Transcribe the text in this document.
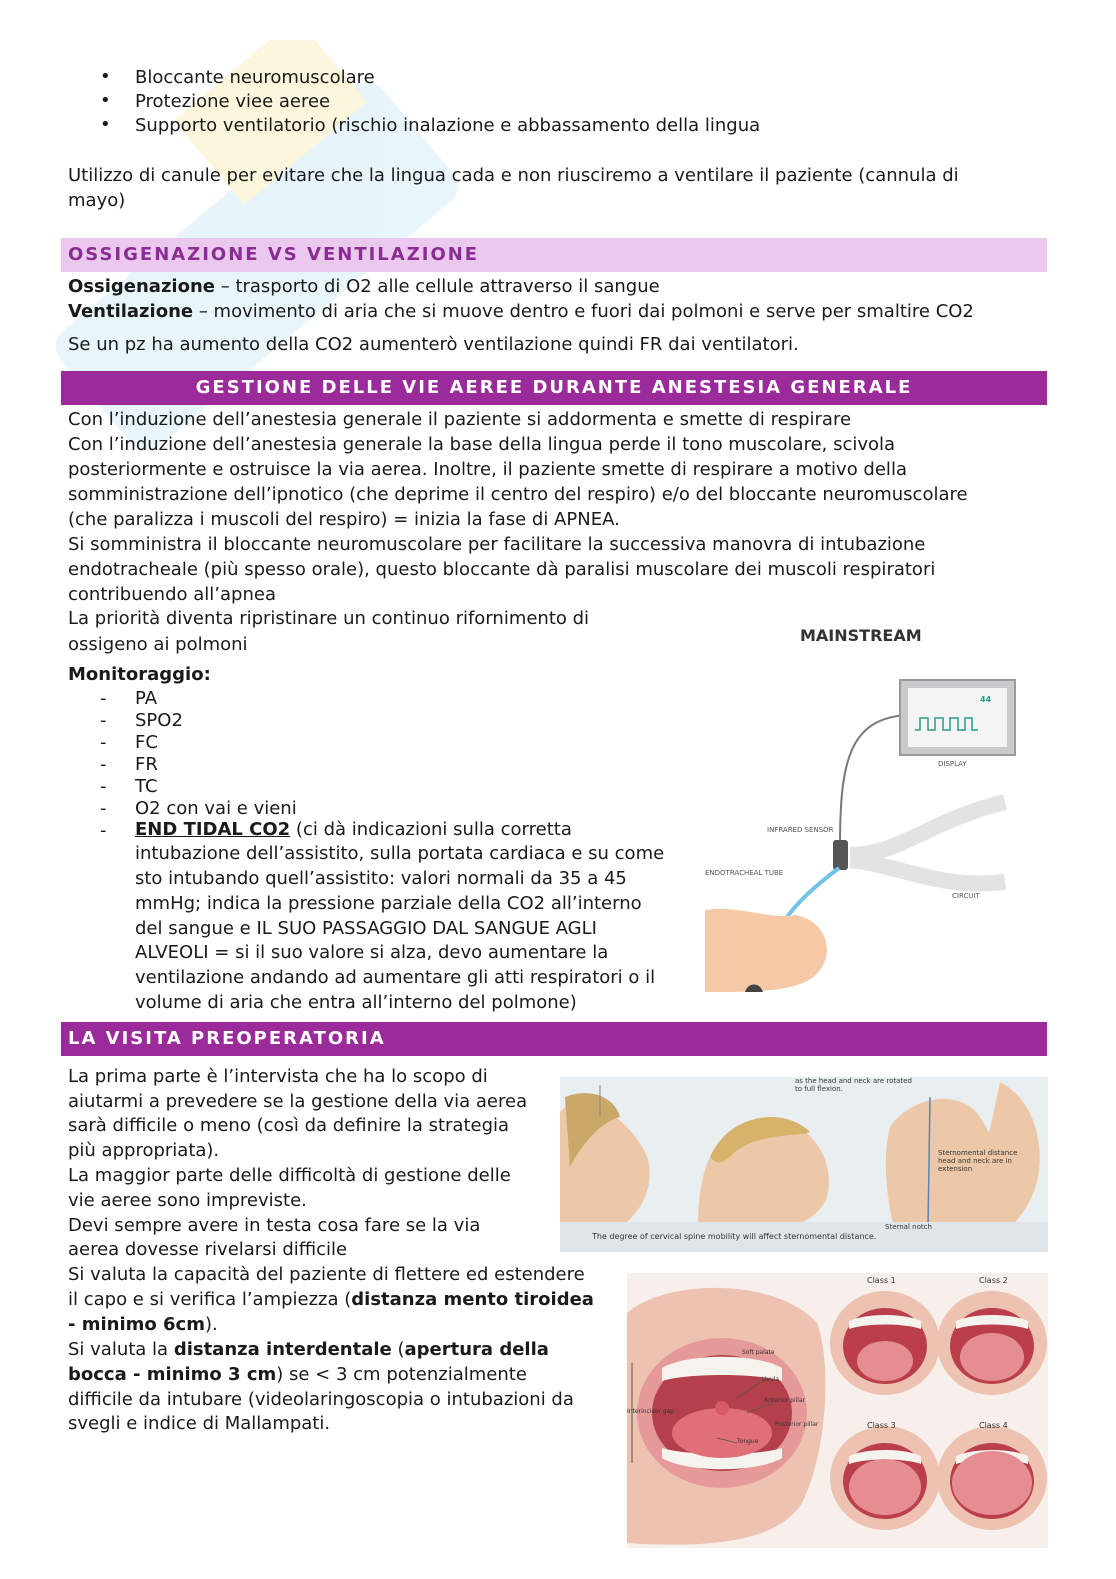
• Bloccante neuromuscolare
• Protezione viee aeree
• Supporto ventilatorio (rischio inalazione e abbassamento della lingua
Utilizzo di canule per evitare che la lingua cada e non riusciremo a ventilare il paziente (cannula di
mayo)
OSSIGENAZIONE VS VENTILAZIONE
Ossigenazione – trasporto di O2 alle cellule attraverso il sangue
Ventilazione – movimento di aria che si muove dentro e fuori dai polmoni e serve per smaltire CO2
Se un pz ha aumento della CO2 aumenterò ventilazione quindi FR dai ventilatori.
GESTIONE DELLE VIE AEREE DURANTE ANESTESIA GENERALE
Con l’induzione dell’anestesia generale il paziente si addormenta e smette di respirare
Con l’induzione dell’anestesia generale la base della lingua perde il tono muscolare, scivola
posteriormente e ostruisce la via aerea. Inoltre, il paziente smette di respirare a motivo della
somministrazione dell’ipnotico (che deprime il centro del respiro) e/o del bloccante neuromuscolare
(che paralizza i muscoli del respiro) = inizia la fase di APNEA.
Si somministra il bloccante neuromuscolare per facilitare la successiva manovra di intubazione
endotracheale (più spesso orale), questo bloccante dà paralisi muscolare dei muscoli respiratori
contribuendo all’apnea
La priorità diventa ripristinare un continuo rifornimento di
ossigeno ai polmoni
Monitoraggio:
-
-
-
-
-
-
-
PA
SPO2
FC
FR
TC
O2 con vai e vieni
END TIDAL CO2 (ci dà indicazioni sulla corretta
intubazione dell’assistito, sulla portata cardiaca e su come
sto intubando quell’assistito: valori normali da 35 a 45
mmHg; indica la pressione parziale della CO2 all’interno
del sangue e IL SUO PASSAGGIO DAL SANGUE AGLI
ALVEOLI = si il suo valore si alza, devo aumentare la
ventilazione andando ad aumentare gli atti respiratori o il
volume di aria che entra all’interno del polmone)
MAINSTREAM
44
DISPLAY
INFRARED SENSOR
ENDOTRACHEAL TUBE
CIRCUIT
LA VISITA PREOPERATORIA
La prima parte è l’intervista che ha lo scopo di
aiutarmi a prevedere se la gestione della via aerea
sarà difficile o meno (così da definire la strategia
più appropriata).
La maggior parte delle difficoltà di gestione delle
vie aeree sono impreviste.
Devi sempre avere in testa cosa fare se la via
aerea dovesse rivelarsi difficile
Si valuta la capacità del paziente di flettere ed estendere
il capo e si verifica l’ampiezza (distanza mento tiroidea
- minimo 6cm).
Si valuta la distanza interdentale (apertura della
bocca - minimo 3 cm) se < 3 cm potenzialmente
difficile da intubare (videolaringoscopia o intubazioni da
svegli e indice di Mallampati.
as the head and neck are rotated to full flexion.
Sternomental distance head and neck are in extension
Sternal notch
The degree of cervical spine mobility will affect sternomental distance.
Class 1	Class 2
Class 3	Class 4
Soft palate
Uvula
Anterior pillar
Posterior pillar
Tongue
Interincisor gap
